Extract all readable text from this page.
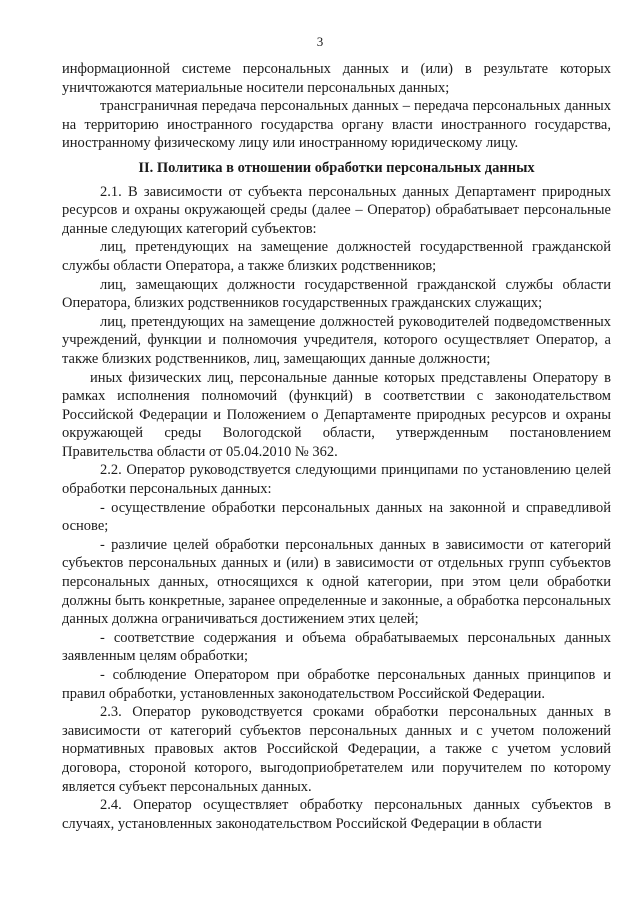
3

информационной системе персональных данных и (или) в результате которых уничтожаются материальные носители персональных данных;

трансграничная передача персональных данных – передача персональных данных на территорию иностранного государства органу власти иностранного государства, иностранному физическому лицу или иностранному юридическому лицу.

II. Политика в отношении обработки персональных данных

2.1. В зависимости от субъекта персональных данных Департамент природных ресурсов и охраны окружающей среды (далее – Оператор) обрабатывает персональные данные следующих категорий субъектов:

лиц, претендующих на замещение должностей государственной гражданской службы области Оператора, а также близких родственников;

лиц, замещающих должности государственной гражданской службы области Оператора, близких родственников государственных гражданских служащих;

лиц, претендующих на замещение должностей руководителей подведомственных учреждений, функции и полномочия учредителя, которого осуществляет Оператор, а также близких родственников, лиц, замещающих данные должности;

иных физических лиц, персональные данные которых представлены Оператору в рамках исполнения полномочий (функций) в соответствии с законодательством Российской Федерации и Положением о Департаменте природных ресурсов и охраны окружающей среды Вологодской области, утвержденным постановлением Правительства области от 05.04.2010 № 362.

2.2. Оператор руководствуется следующими принципами по установлению целей обработки персональных данных:

- осуществление обработки персональных данных на законной и справедливой основе;

- различие целей обработки персональных данных в зависимости от категорий субъектов персональных данных и (или) в зависимости от отдельных групп субъектов персональных данных, относящихся к одной категории, при этом цели обработки должны быть конкретные, заранее определенные и законные, а обработка персональных данных должна ограничиваться достижением этих целей;

- соответствие содержания и объема обрабатываемых персональных данных заявленным целям обработки;

- соблюдение Оператором при обработке персональных данных принципов и правил обработки, установленных законодательством Российской Федерации.

2.3. Оператор руководствуется сроками обработки персональных данных в зависимости от категорий субъектов персональных данных и с учетом положений нормативных правовых актов Российской Федерации, а также с учетом условий договора, стороной которого, выгодоприобретателем или поручителем по которому является субъект персональных данных.

2.4. Оператор осуществляет обработку персональных данных субъектов в случаях, установленных законодательством Российской Федерации в области
